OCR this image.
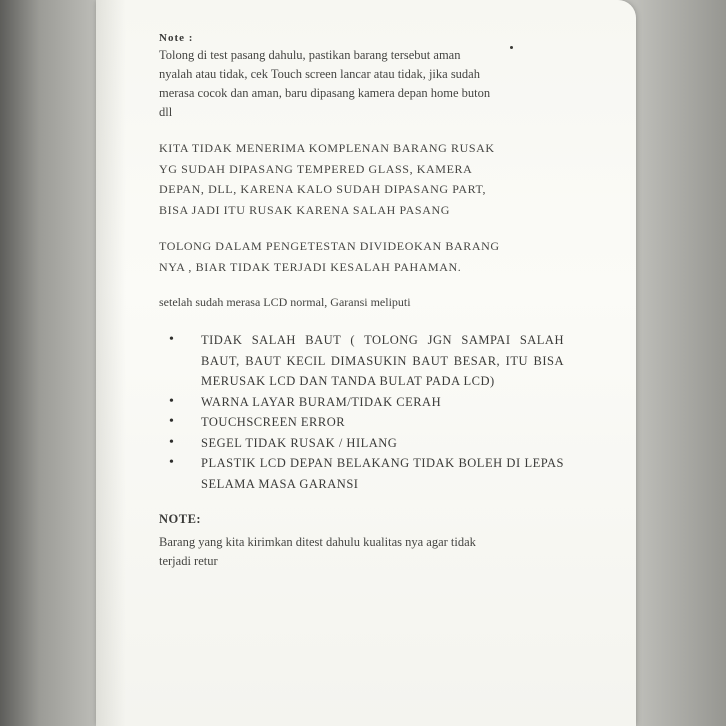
Note :

Tolong di test pasang dahulu, pastikan barang tersebut aman
nyalah atau tidak, cek Touch screen lancar atau tidak, jika sudah
merasa cocok dan aman, baru dipasang kamera depan home buton
dll

KITA TIDAK MENERIMA KOMPLENAN BARANG RUSAK
YG SUDAH DIPASANG TEMPERED GLASS, KAMERA
DEPAN, DLL, KARENA KALO SUDAH DIPASANG PART,
BISA JADI ITU RUSAK KARENA SALAH PASANG

TOLONG DALAM PENGETESTAN DIVIDEOKAN BARANG
NYA , BIAR TIDAK TERJADI KESALAH PAHAMAN.

setelah sudah merasa LCD normal, Garansi meliputi

• TIDAK SALAH BAUT ( TOLONG JGN SAMPAI SALAH BAUT, BAUT KECIL DIMASUKIN BAUT BESAR, ITU BISA MERUSAK LCD DAN TANDA BULAT PADA LCD)
• WARNA LAYAR BURAM/TIDAK CERAH
• TOUCHSCREEN ERROR
• SEGEL TIDAK RUSAK / HILANG
• PLASTIK LCD DEPAN BELAKANG TIDAK BOLEH DI LEPAS SELAMA MASA GARANSI

NOTE:

Barang yang kita kirimkan ditest dahulu kualitas nya agar tidak
terjadi retur
